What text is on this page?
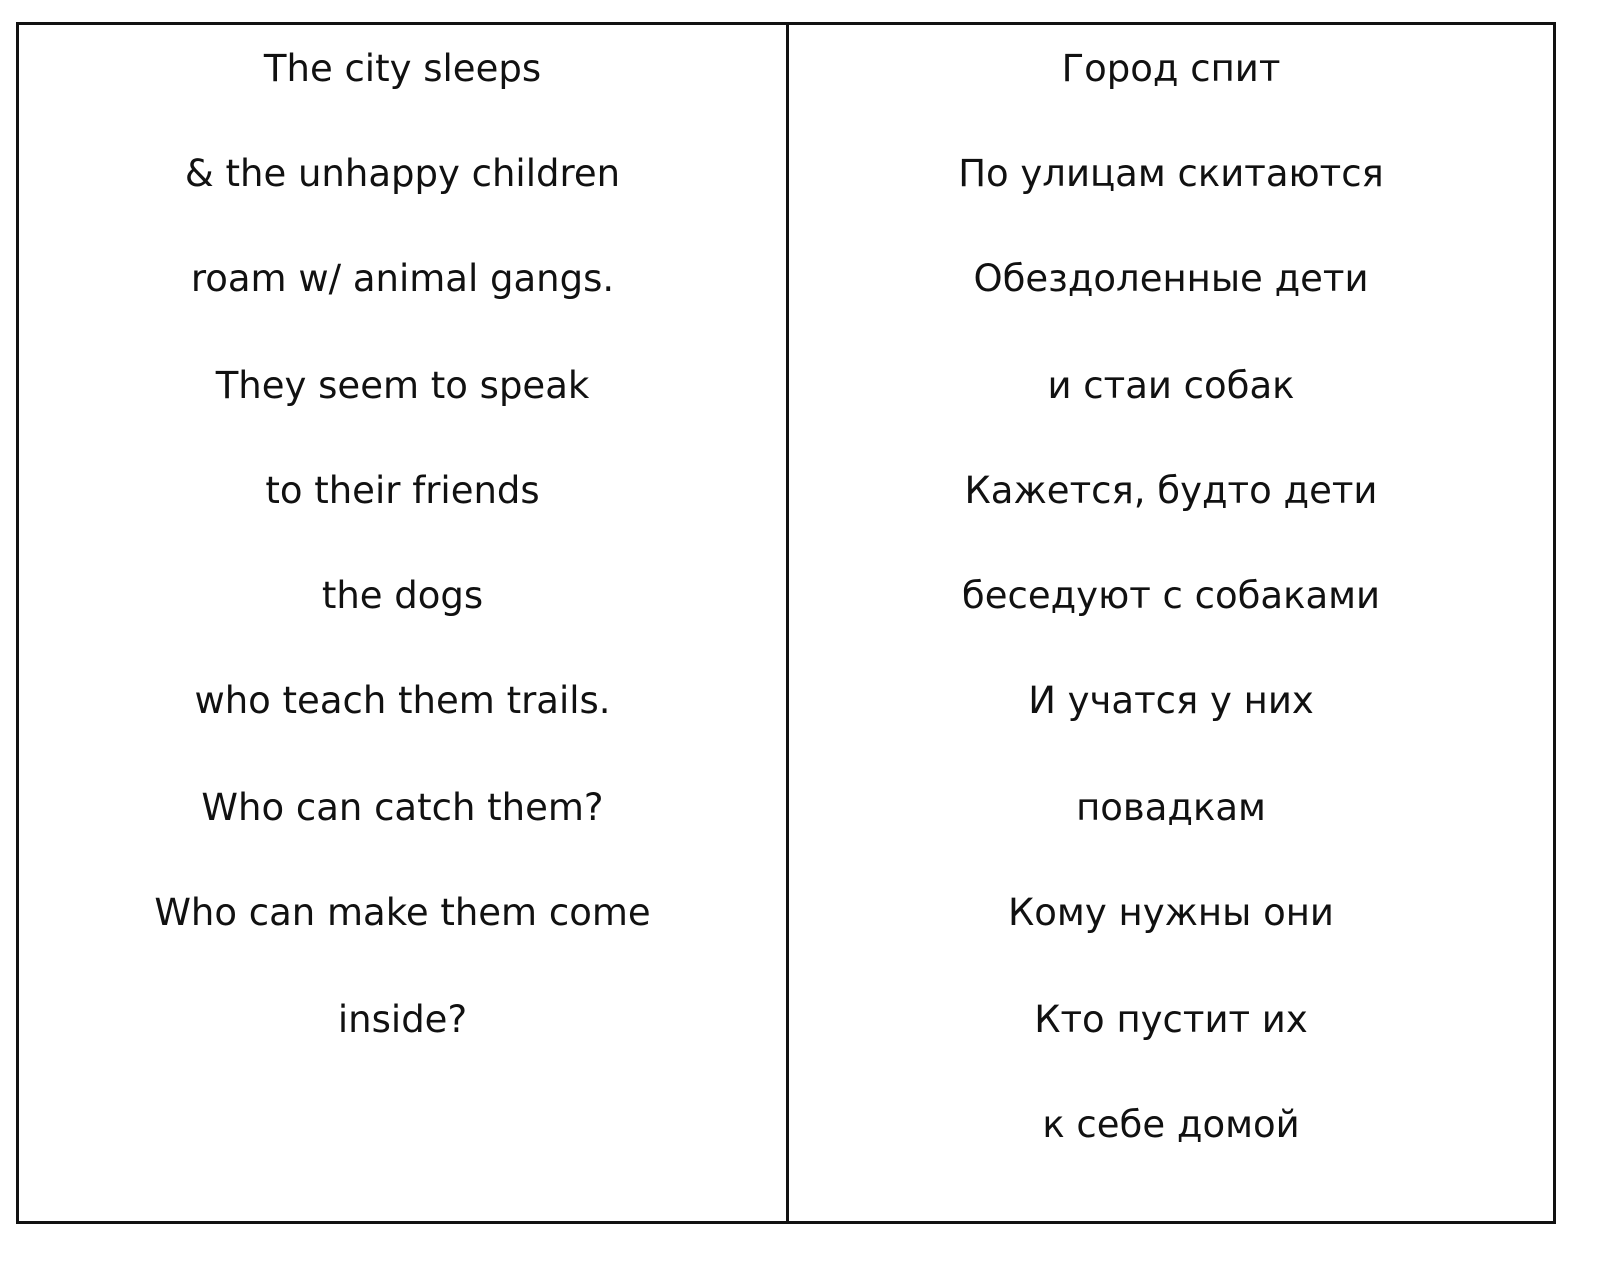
The city sleeps
& the unhappy children
roam w/ animal gangs.
They seem to speak
to their friends
the dogs
who teach them trails.
Who can catch them?
Who can make them come
inside?
Город спит
По улицам скитаются
Обездоленные дети
и стаи собак
Кажется, будто дети
беседуют с собаками
И учатся у них
повадкам
Кому нужны они
Кто пустит их
к себе домой
